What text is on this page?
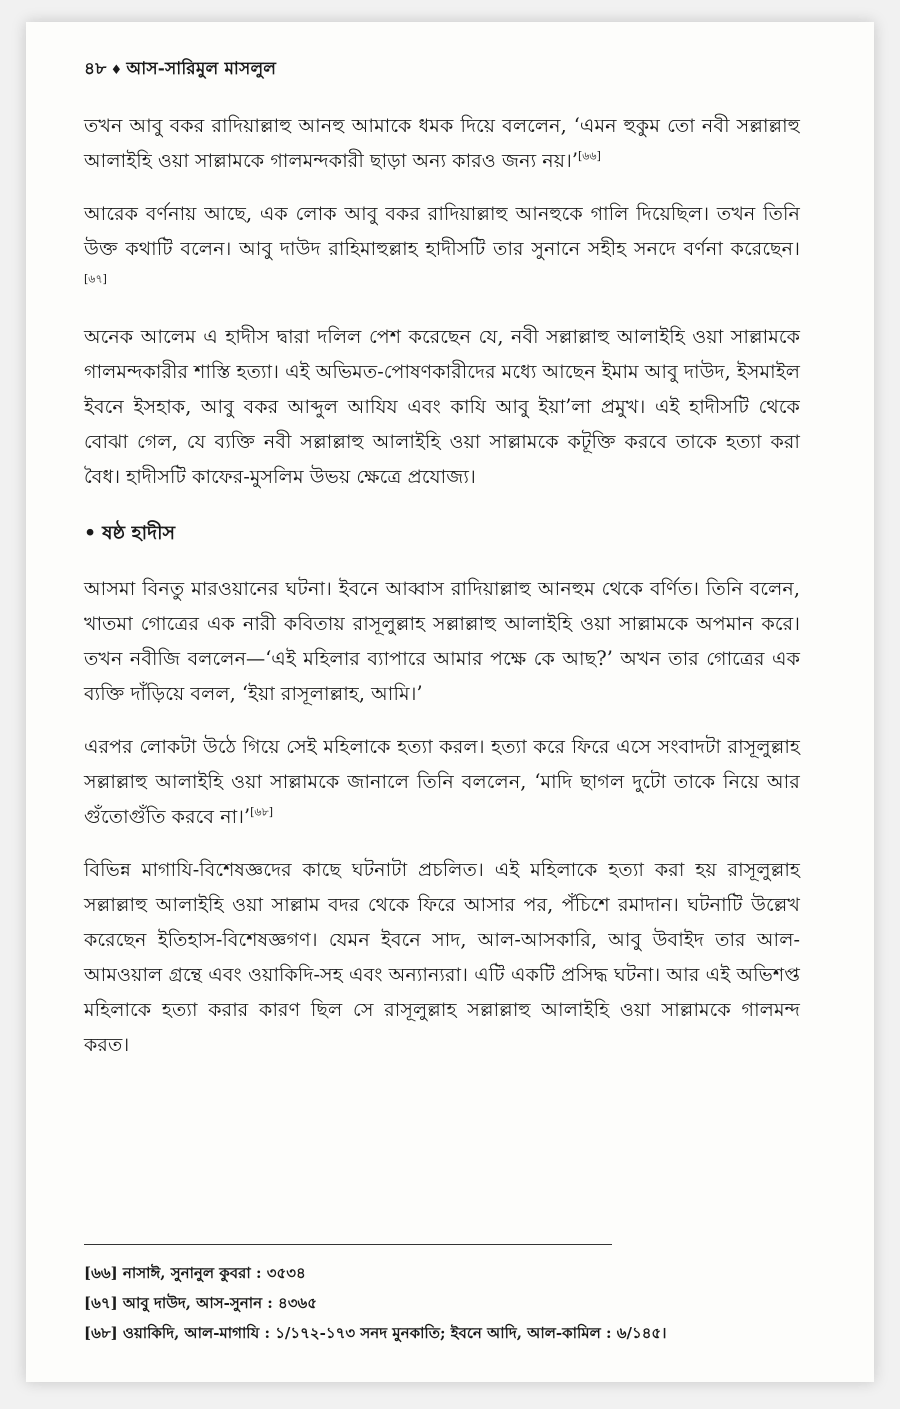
৪৮ ♦ আস-সারিমুল মাসলুল

তখন আবু বকর রাদিয়াল্লাহু আনহু আমাকে ধমক দিয়ে বললেন, ‘এমন হুকুম তো নবী সল্লাল্লাহু আলাইহি ওয়া সাল্লামকে গালমন্দকারী ছাড়া অন্য কারও জন্য নয়।’[৬৬]

আরেক বর্ণনায় আছে, এক লোক আবু বকর রাদিয়াল্লাহু আনহুকে গালি দিয়েছিল। তখন তিনি উক্ত কথাটি বলেন। আবু দাউদ রাহিমাহুল্লাহ হাদীসটি তার সুনানে সহীহ সনদে বর্ণনা করেছেন।[৬৭]

অনেক আলেম এ হাদীস দ্বারা দলিল পেশ করেছেন যে, নবী সল্লাল্লাহু আলাইহি ওয়া সাল্লামকে গালমন্দকারীর শাস্তি হত্যা। এই অভিমত-পোষণকারীদের মধ্যে আছেন ইমাম আবু দাউদ, ইসমাইল ইবনে ইসহাক, আবু বকর আব্দুল আযিয এবং কাযি আবু ইয়া’লা প্রমুখ। এই হাদীসটি থেকে বোঝা গেল, যে ব্যক্তি নবী সল্লাল্লাহু আলাইহি ওয়া সাল্লামকে কটূক্তি করবে তাকে হত্যা করা বৈধ। হাদীসটি কাফের-মুসলিম উভয় ক্ষেত্রে প্রযোজ্য।

• ষষ্ঠ হাদীস

আসমা বিনতু মারওয়ানের ঘটনা। ইবনে আব্বাস রাদিয়াল্লাহু আনহুম থেকে বর্ণিত। তিনি বলেন, খাতমা গোত্রের এক নারী কবিতায় রাসূলুল্লাহ সল্লাল্লাহু আলাইহি ওয়া সাল্লামকে অপমান করে। তখন নবীজি বললেন—‘এই মহিলার ব্যাপারে আমার পক্ষে কে আছ?’ অখন তার গোত্রের এক ব্যক্তি দাঁড়িয়ে বলল, ‘ইয়া রাসূলাল্লাহ, আমি।’

এরপর লোকটা উঠে গিয়ে সেই মহিলাকে হত্যা করল। হত্যা করে ফিরে এসে সংবাদটা রাসূলুল্লাহ সল্লাল্লাহু আলাইহি ওয়া সাল্লামকে জানালে তিনি বললেন, ‘মাদি ছাগল দুটো তাকে নিয়ে আর গুঁতোগুঁতি করবে না।’[৬৮]

বিভিন্ন মাগাযি-বিশেষজ্ঞদের কাছে ঘটনাটা প্রচলিত। এই মহিলাকে হত্যা করা হয় রাসূলুল্লাহ সল্লাল্লাহু আলাইহি ওয়া সাল্লাম বদর থেকে ফিরে আসার পর, পঁচিশে রমাদান। ঘটনাটি উল্লেখ করেছেন ইতিহাস-বিশেষজ্ঞগণ। যেমন ইবনে সাদ, আল-আসকারি, আবু উবাইদ তার আল-আমওয়াল গ্রন্থে এবং ওয়াকিদি-সহ এবং অন্যান্যরা। এটি একটি প্রসিদ্ধ ঘটনা। আর এই অভিশপ্ত মহিলাকে হত্যা করার কারণ ছিল সে রাসূলুল্লাহ সল্লাল্লাহু আলাইহি ওয়া সাল্লামকে গালমন্দ করত।

[৬৬] নাসাঈ, সুনানুল কুবরা : ৩৫৩৪
[৬৭] আবু দাউদ, আস-সুনান : ৪৩৬৫
[৬৮] ওয়াকিদি, আল-মাগাযি : ১/১৭২-১৭৩ সনদ মুনকাতি; ইবনে আদি, আল-কামিল : ৬/১৪৫।
